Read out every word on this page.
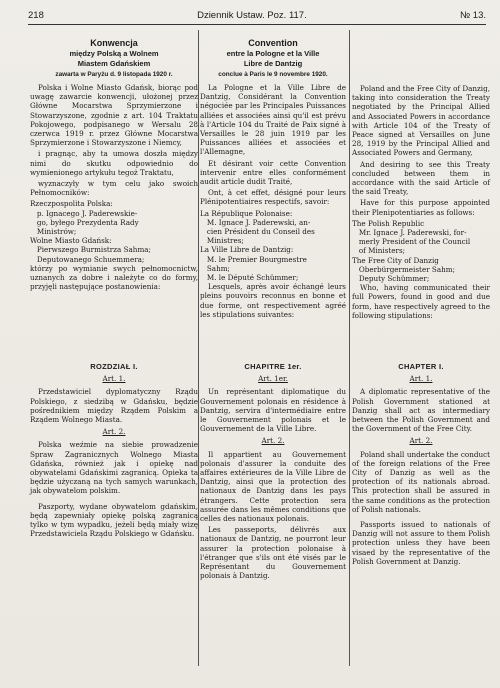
218	Dziennik Ustaw. Poz. 117.	№ 13.
Konwencja
między Polską a Wolnem
Miastem Gdańskiem
zawarta w Paryżu d. 9 listopada 1920 r.

Polska i Wolne Miasto Gdańsk, biorąc pod uwagę zawarcie konwencji, ułożonej przez Główne Mocarstwa Sprzymierzone i Stowarzyszone, zgodnie z art. 104 Traktatu Pokojowego, podpisanego w Wersalu 28 czerwca 1919 r. przez Główne Mocarstwa Sprzymierzone i Stowarzyszone i Niemcy,

i pragnąc, aby ta umowa doszła między nimi do skutku odpowiednio do wymienionego artykułu tegoż Traktatu,

wyznaczyły w tym celu jako swoich Pełnomocników:

Rzeczpospolita Polska:
p. Ignacego J. Paderewskie-
go, byłego Prezydenta Rady
Ministrów;
Wolne Miasto Gdańsk:
Pierwszego Burmistrza Sahma;
Deputowanego Schuemmera;

którzy po wymianie swych pełnomocnictw, uznanych za dobre i należyte co do formy, przyjęli następujące postanowienia:

ROZDZIAŁ I.
Art. 1.

Przedstawiciel dyplomatyczny Rządu Polskiego, z siedzibą w Gdańsku, będzie pośrednikiem między Rządem Polskim a Rządem Wolnego Miasta.

Art. 2.

Polska weźmie na siebie prowadzenie Spraw Zagranicznych Wolnego Miasta Gdańska, również jak i opiekę nad obywatelami Gdańskimi zagranicą. Opieka ta będzie użyczaną na tych samych warunkach, jak obywatelom polskim.

Paszporty, wydane obywatelom gdańskim, będą zapewniały opiekę polską zagranicą tylko w tym wypadku, jeżeli będą miały wizę Przedstawiciela Rządu Polskiego w Gdańsku.

Convention
entre la Pologne et la Ville
Libre de Dantzig
conclue à Paris le 9 novembre 1920.

La Pologne et la Ville Libre de Dantzig, Considérant la Convention négociée par les Principales Puissances alliées et associées ainsi qu'il est prévu à l'Article 104 du Traité de Paix signé à Versailles le 28 juin 1919 par les Puissances alliées et associées et l'Allemagne,

Et désirant voir cette Convention intervenir entre elles conformément audit article dudit Traité,

Ont, à cet effet, désigné pour leurs Plénipotentiaires respectifs, savoir:

La République Polonaise:
M. Ignace J. Paderewski, an-
cien Président du Conseil des
Ministres;
La Ville Libre de Dantzig:
M. le Premier Bourgmestre
Sahm;
M. le Député Schümmer;

Lesquels, après avoir échangé leurs pleins pouvoirs reconnus en bonne et due forme, ont respectivement agréé les stipulations suivantes:

CHAPITRE 1er.
Art. 1er.

Un représentant diplomatique du Gouvernement polonais en résidence à Dantzig, servira d'intermédiaire entre le Gouvernement polonais et le Gouvernement de la Ville Libre.

Art. 2.

Il appartient au Gouvernement polonais d'assurer la conduite des affaires extérieures de la Ville Libre de Dantzig, ainsi que la protection des nationaux de Dantzig dans les pays étrangers. Cette protection sera assurée dans les mêmes conditions que celles des nationaux polonais.

Les passeports, délivrés aux nationaux de Dantzig, ne pourront leur assurer la protection polonaise à l'étranger que s'ils ont été visés par le Représentant du Gouvernement polonais à Dantzig.

Poland and the Free City of Danzig, taking into consideration the Treaty negotiated by the Principal Allied and Associated Powers in accordance with Article 104 of the Treaty of Peace signed at Versailles on June 28, 1919 by the Principal Allied and Associated Powers and Germany,

And desiring to see this Treaty concluded between them in accordance with the said Article of the said Treaty,

Have for this purpose appointed their Plenipotentiaries as follows:

The Polish Republic
Mr. Ignace J. Paderewski, for-
merly President of the Council
of Ministers;
The Free City of Danzig
Oberbürgermeister Sahm;
Deputy Schümmer;

Who, having communicated their full Powers, found in good and due form, have respectively agreed to the following stipulations:

CHAPTER I.
Art. 1.

A diplomatic representative of the Polish Government stationed at Danzig shall act as intermediary between the Polish Government and the Government of the Free City.

Art. 2.

Poland shall undertake the conduct of the foreign relations of the Free City of Danzig as well as the protection of its nationals abroad. This protection shall be assured in the same conditions as the protection of Polish nationals.

Passports issued to nationals of Danzig will not assure to them Polish protection unless they have been visaed by the representative of the Polish Government at Danzig.
